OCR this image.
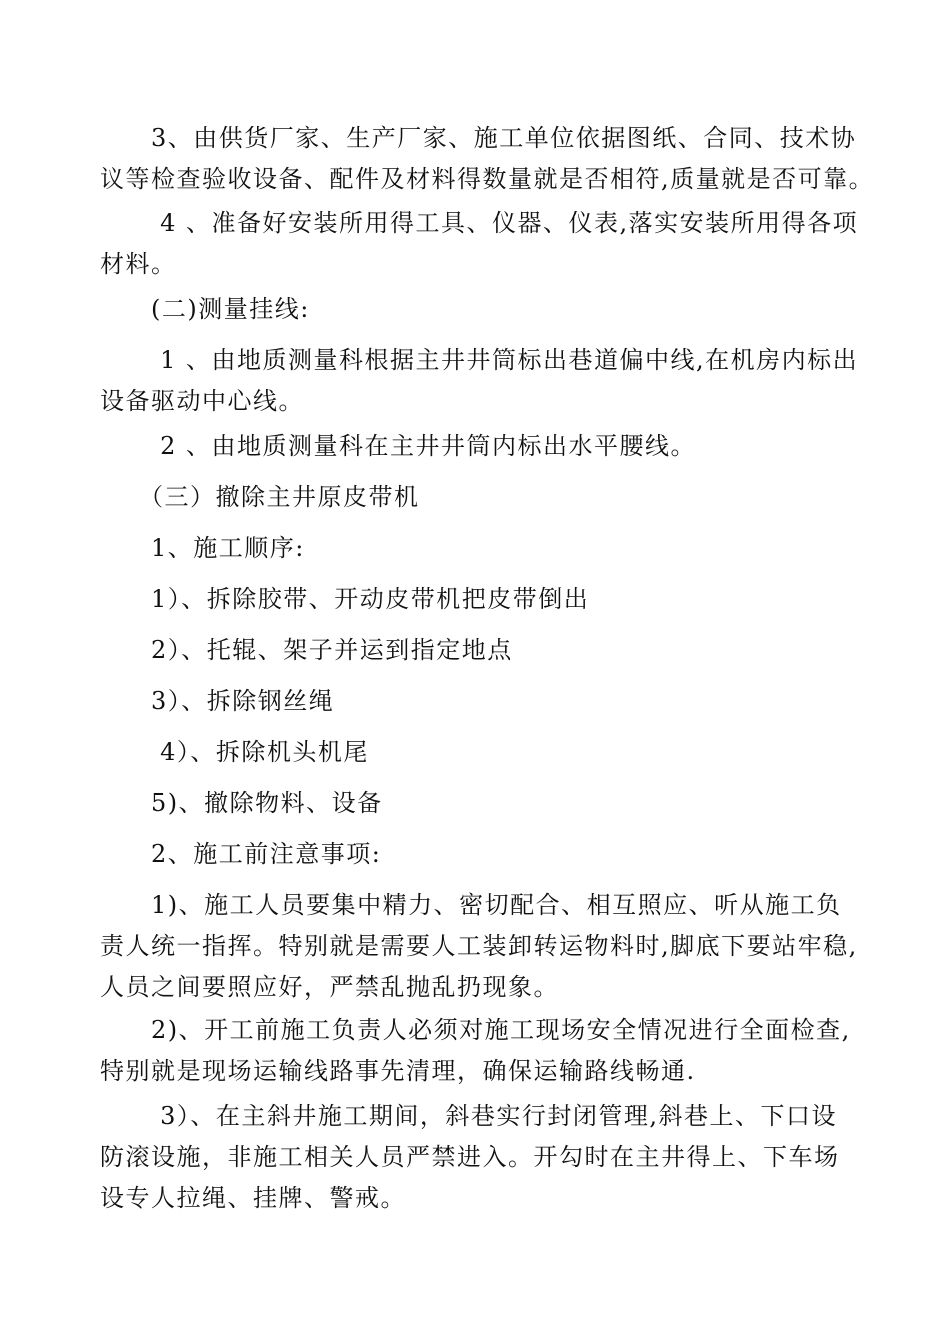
　　3、由供货厂家、生产厂家、施工单位依据图纸、合同、技术协
议等检查验收设备、配件及材料得数量就是否相符,质量就是否可靠。

　　 4 、准备好安装所用得工具、仪器、仪表,落实安装所用得各项
材料。

　　(二)测量挂线:

　　 1 、由地质测量科根据主井井筒标出巷道偏中线,在机房内标出
设备驱动中心线。

　　 2 、由地质测量科在主井井筒内标出水平腰线。

　　（三）撤除主井原皮带机

　　1、施工顺序:

　　1）、拆除胶带、开动皮带机把皮带倒出

　　2）、托辊、架子并运到指定地点

　　3）、拆除钢丝绳

　　 4）、拆除机头机尾

　　5)、撤除物料、设备

　　2、施工前注意事项:

　　1)、施工人员要集中精力、密切配合、相互照应、听从施工负
责人统一指挥。特别就是需要人工装卸转运物料时,脚底下要站牢稳,
人员之间要照应好，严禁乱抛乱扔现象。

　　2)、开工前施工负责人必须对施工现场安全情况进行全面检查,
特别就是现场运输线路事先清理，确保运输路线畅通.

　　 3）、在主斜井施工期间，斜巷实行封闭管理,斜巷上、下口设
防滚设施，非施工相关人员严禁进入。开勾时在主井得上、下车场
设专人拉绳、挂牌、警戒。
